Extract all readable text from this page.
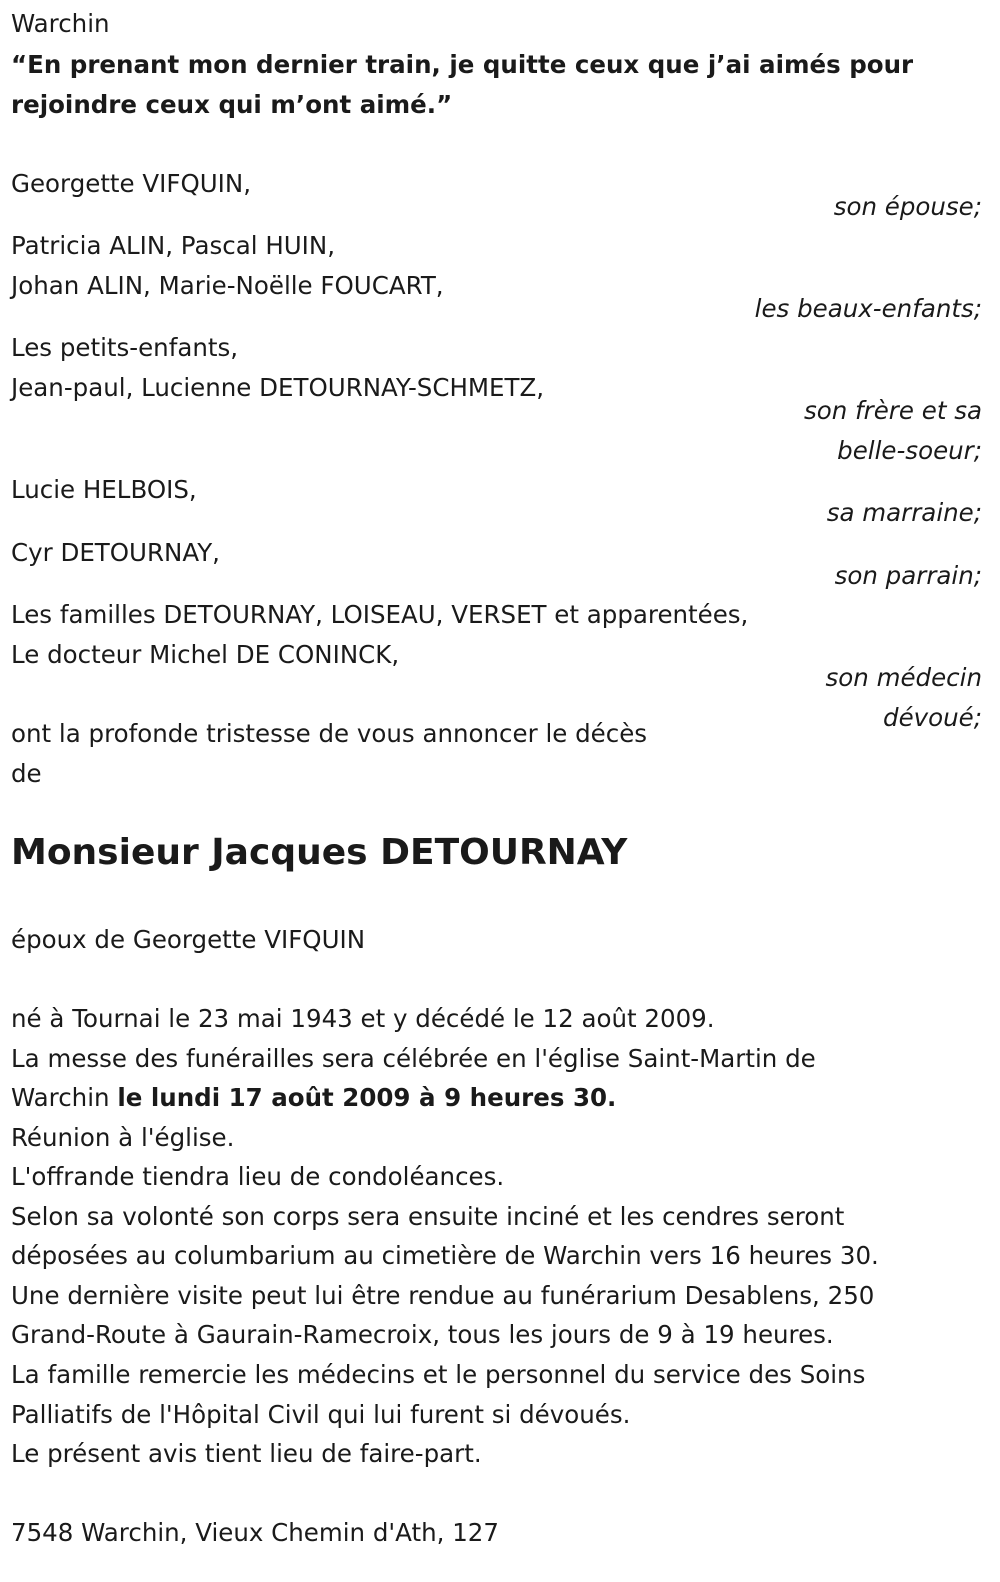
Warchin
“En prenant mon dernier train, je quitte ceux que j’ai aimés pour
rejoindre ceux qui m’ont aimé.”
Georgette VIFQUIN,
son épouse;
Patricia ALIN, Pascal HUIN,
Johan ALIN, Marie-Noëlle FOUCART,
les beaux-enfants;
Les petits-enfants,
Jean-paul, Lucienne DETOURNAY-SCHMETZ,
son frère et sa
belle-soeur;
Lucie HELBOIS,
sa marraine;
Cyr DETOURNAY,
son parrain;
Les familles DETOURNAY, LOISEAU, VERSET et apparentées,
Le docteur Michel DE CONINCK,
son médecin
dévoué;
ont la profonde tristesse de vous annoncer le décès
de
Monsieur Jacques DETOURNAY
époux de Georgette VIFQUIN
né à Tournai le 23 mai 1943 et y décédé le 12 août 2009.
La messe des funérailles sera célébrée en l'église Saint-Martin de
Warchin le lundi 17 août 2009 à 9 heures 30.
Réunion à l'église.
L'offrande tiendra lieu de condoléances.
Selon sa volonté son corps sera ensuite inciné et les cendres seront
déposées au columbarium au cimetière de Warchin vers 16 heures 30.
Une dernière visite peut lui être rendue au funérarium Desablens, 250
Grand-Route à Gaurain-Ramecroix, tous les jours de 9 à 19 heures.
La famille remercie les médecins et le personnel du service des Soins
Palliatifs de l'Hôpital Civil qui lui furent si dévoués.
Le présent avis tient lieu de faire-part.
7548 Warchin, Vieux Chemin d'Ath, 127
